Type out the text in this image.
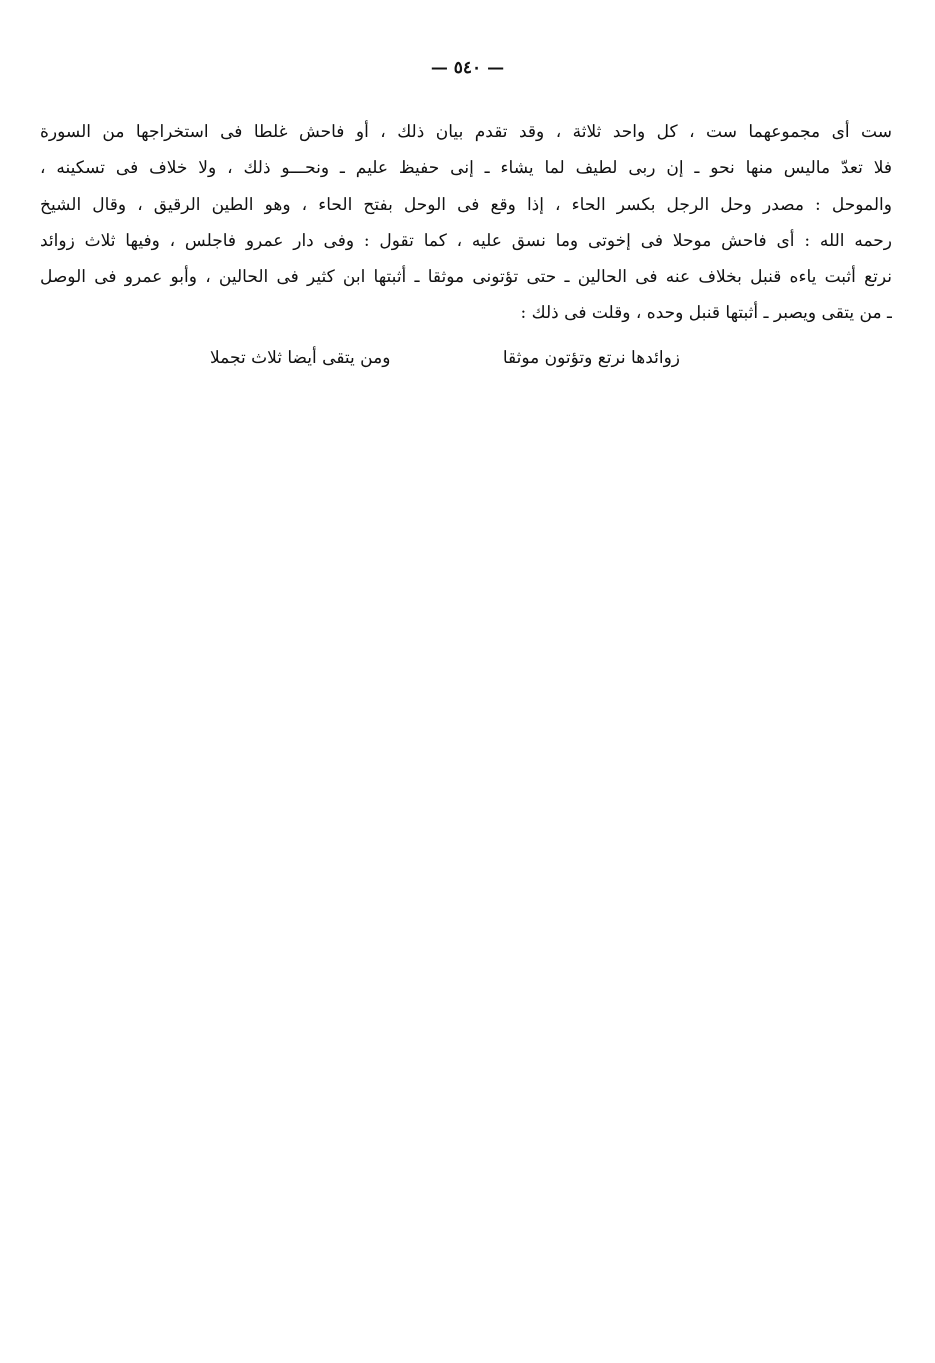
— ٥٤٠ —
ست أى مجموعهما ست ، كل واحد ثلاثة ، وقد تقدم بيان ذلك ، أو فاحش غلطا فى استخراجها من السورة
فلا تعدّ ماليس منها نحو ـ إن ربى لطيف لما يشاء ـ إنى حفيظ عليم ـ ونحـــو ذلك ، ولا خلاف فى تسكينه ،
والموحل : مصدر وحل الرجل بكسر الحاء ، إذا وقع فى الوحل بفتح الحاء ، وهو الطين الرقيق ، وقال الشيخ
رحمه الله : أى فاحش موحلا فى إخوتى وما نسق عليه ، كما تقول : وفى دار عمرو فاجلس ، وفيها ثلاث زوائد
نرتع أثبت ياءه قنبل بخلاف عنه فى الحالين ـ حتى تؤتونى موثقا ـ أثبتها ابن كثير فى الحالين ، وأبو عمرو فى الوصل
ـ من يتقى ويصبر ـ أثبتها قنبل وحده ، وقلت فى ذلك :
زوائدها نرتع وتؤتون موثقا
ومن يتقى أيضا ثلاث تجملا
